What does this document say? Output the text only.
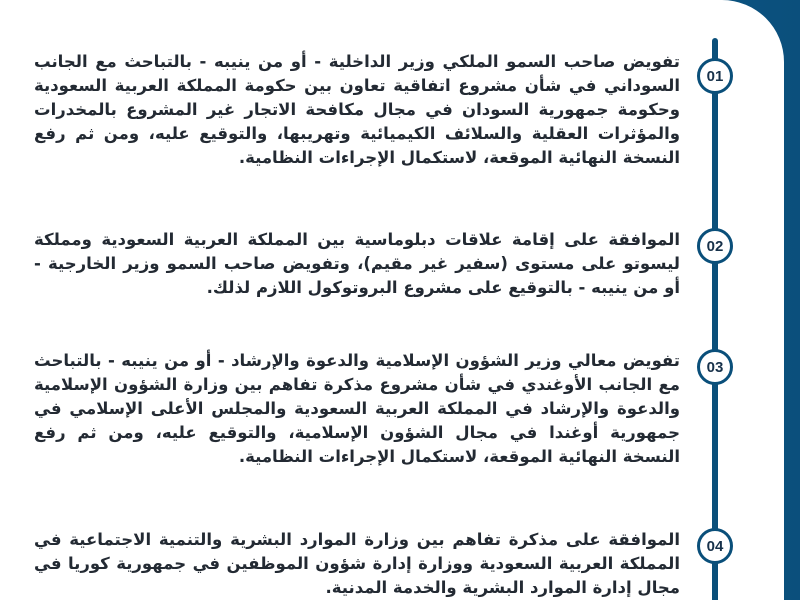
01
تفويض صاحب السمو الملكي وزير الداخلية - أو من ينيبه - بالتباحث مع الجانب السوداني في شأن مشروع اتفاقية تعاون بين حكومة المملكة العربية السعودية وحكومة جمهورية السودان في مجال مكافحة الاتجار غير المشروع بالمخدرات والمؤثرات العقلية والسلائف الكيميائية وتهريبها، والتوقيع عليه، ومن ثم رفع النسخة النهائية الموقعة، لاستكمال الإجراءات النظامية.
02
الموافقة على إقامة علاقات دبلوماسية بين المملكة العربية السعودية ومملكة ليسوتو على مستوى (سفير غير مقيم)، وتفويض صاحب السمو وزير الخارجية - أو من ينيبه - بالتوقيع على مشروع البروتوكول اللازم لذلك.
03
تفويض معالي وزير الشؤون الإسلامية والدعوة والإرشاد - أو من ينيبه - بالتباحث مع الجانب الأوغندي في شأن مشروع مذكرة تفاهم بين وزارة الشؤون الإسلامية والدعوة والإرشاد في المملكة العربية السعودية والمجلس الأعلى الإسلامي في جمهورية أوغندا في مجال الشؤون الإسلامية، والتوقيع عليه، ومن ثم رفع النسخة النهائية الموقعة، لاستكمال الإجراءات النظامية.
04
الموافقة على مذكرة تفاهم بين وزارة الموارد البشرية والتنمية الاجتماعية في المملكة العربية السعودية ووزارة إدارة شؤون الموظفين في جمهورية كوريا في مجال إدارة الموارد البشرية والخدمة المدنية.
